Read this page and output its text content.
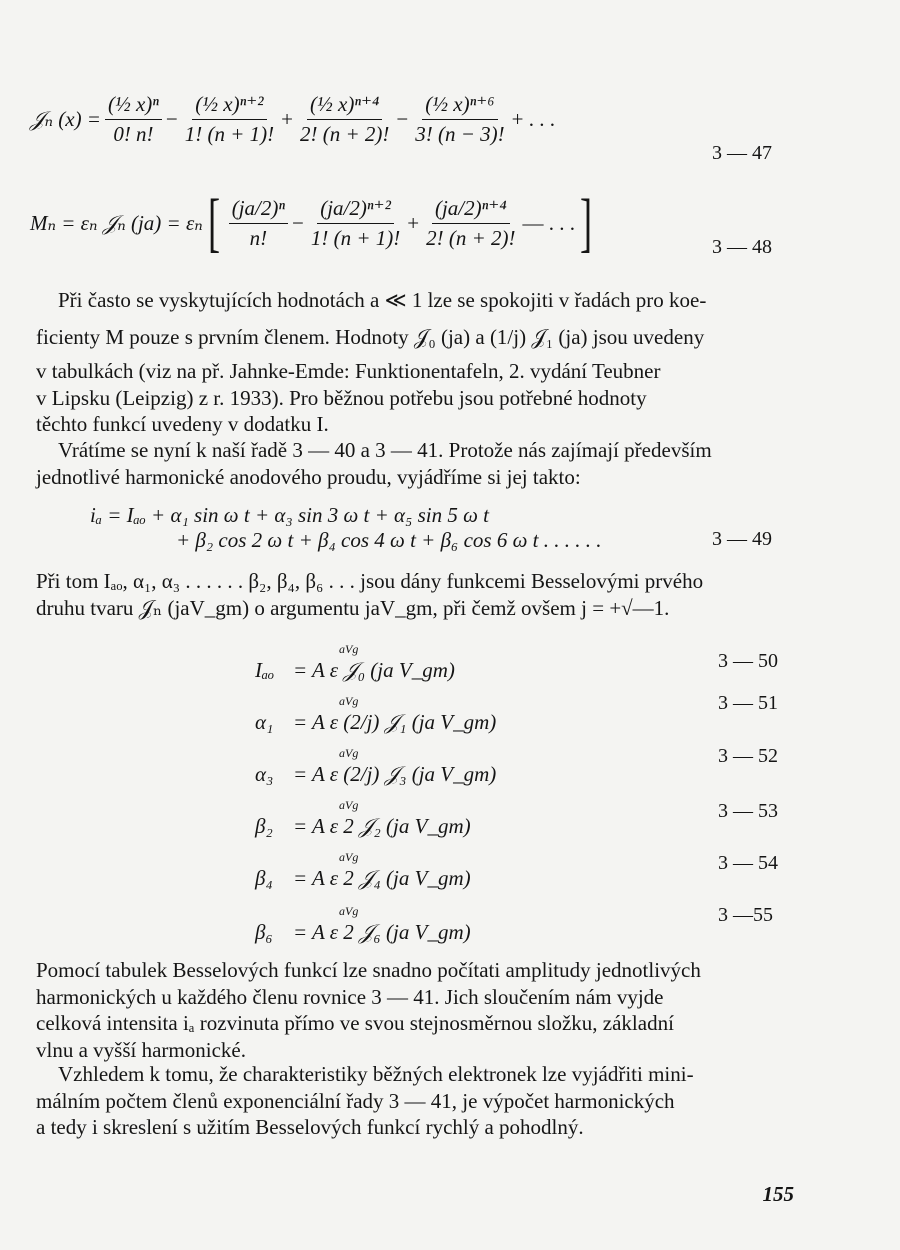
𝒥ₙ $(x) = \frac{\text{(½ x)ⁿ}}{0! n!} - \frac{\text{(½ x)ⁿ⁺²}}{1! (n + 1)!} + \frac{\text{(½ x)ⁿ⁺⁴}}{2! (n + 2)!} - \frac{\text{(½ x)ⁿ⁺⁶}}{3! (n - 3)!}$ + . . .
3 — 47
Mₙ = εₙ 𝒥ₙ (ja) = εₙ [ $\frac{\text{(ja/2)ⁿ}}{n!} - \frac{\text{(ja/2)ⁿ⁺²}}{1! (n + 1)!} + \frac{\text{(ja/2)ⁿ⁺⁴}}{2! (n + 2)!}$ — . . . ]	3 — 48
Při často se vyskytujících hodnotách a ≪ 1 lze se spokojiti v řadách pro koe-
ficienty M pouze s prvním členem. Hodnoty 𝒥₀ (ja) a (1/j) 𝒥₁ (ja) jsou uvedeny
v tabulkách (viz na př. Jahnke-Emde: Funktionentafeln, 2. vydání Teubner
v Lipsku (Leipzig) z r. 1933). Pro běžnou potřebu jsou potřebné hodnoty
těchto funkcí uvedeny v dodatku I.
Vrátíme se nyní k naší řadě 3 — 40 a 3 — 41. Protože nás zajímají především
jednotlivé harmonické anodového proudu, vyjádříme si jej takto:
iₐ = Iₐₒ + α₁ sin ω t + α₃ sin 3 ω t + α₅ sin 5 ω t
+ β₂ cos 2 ω t + β₄ cos 4 ω t + β₆ cos 6 ω t . . . . . .	3 — 49
Při tom Iₐₒ, α₁, α₃ . . . . . . β₂, β₄, β₆ . . . jsou dány funkcemi Besselovými prvého
druhu tvaru 𝒥ₙ (jaV_gm) o argumentu jaV_gm, při čemž ovšem j = +√—1.
aVg
Iₐₒ = A ε 𝒥₀ (ja V_gm)	3 — 50
aVg
α₁ = A ε (2/j) 𝒥₁ (ja V_gm)
3 — 51
aVg
α₃ = A ε (2/j) 𝒥₃ (ja V_gm)
3 — 52
aVg
β₂ = A ε 2 𝒥₂ (ja V_gm)
3 — 53
aVg
β₄ = A ε 2 𝒥₄ (ja V_gm)
3 — 54
aVg
β₆ = A ε 2 𝒥₆ (ja V_gm)
3 —55
Pomocí tabulek Besselových funkcí lze snadno počítati amplitudy jednotlivých
harmonických u každého členu rovnice 3 — 41. Jich sloučením nám vyjde
celková intensita iₐ rozvinuta přímo ve svou stejnosměrnou složku, základní
vlnu a vyšší harmonické.
Vzhledem k tomu, že charakteristiky běžných elektronek lze vyjádřiti mini-
málním počtem členů exponenciální řady 3 — 41, je výpočet harmonických
a tedy i skreslení s užitím Besselových funkcí rychlý a pohodlný.
155
